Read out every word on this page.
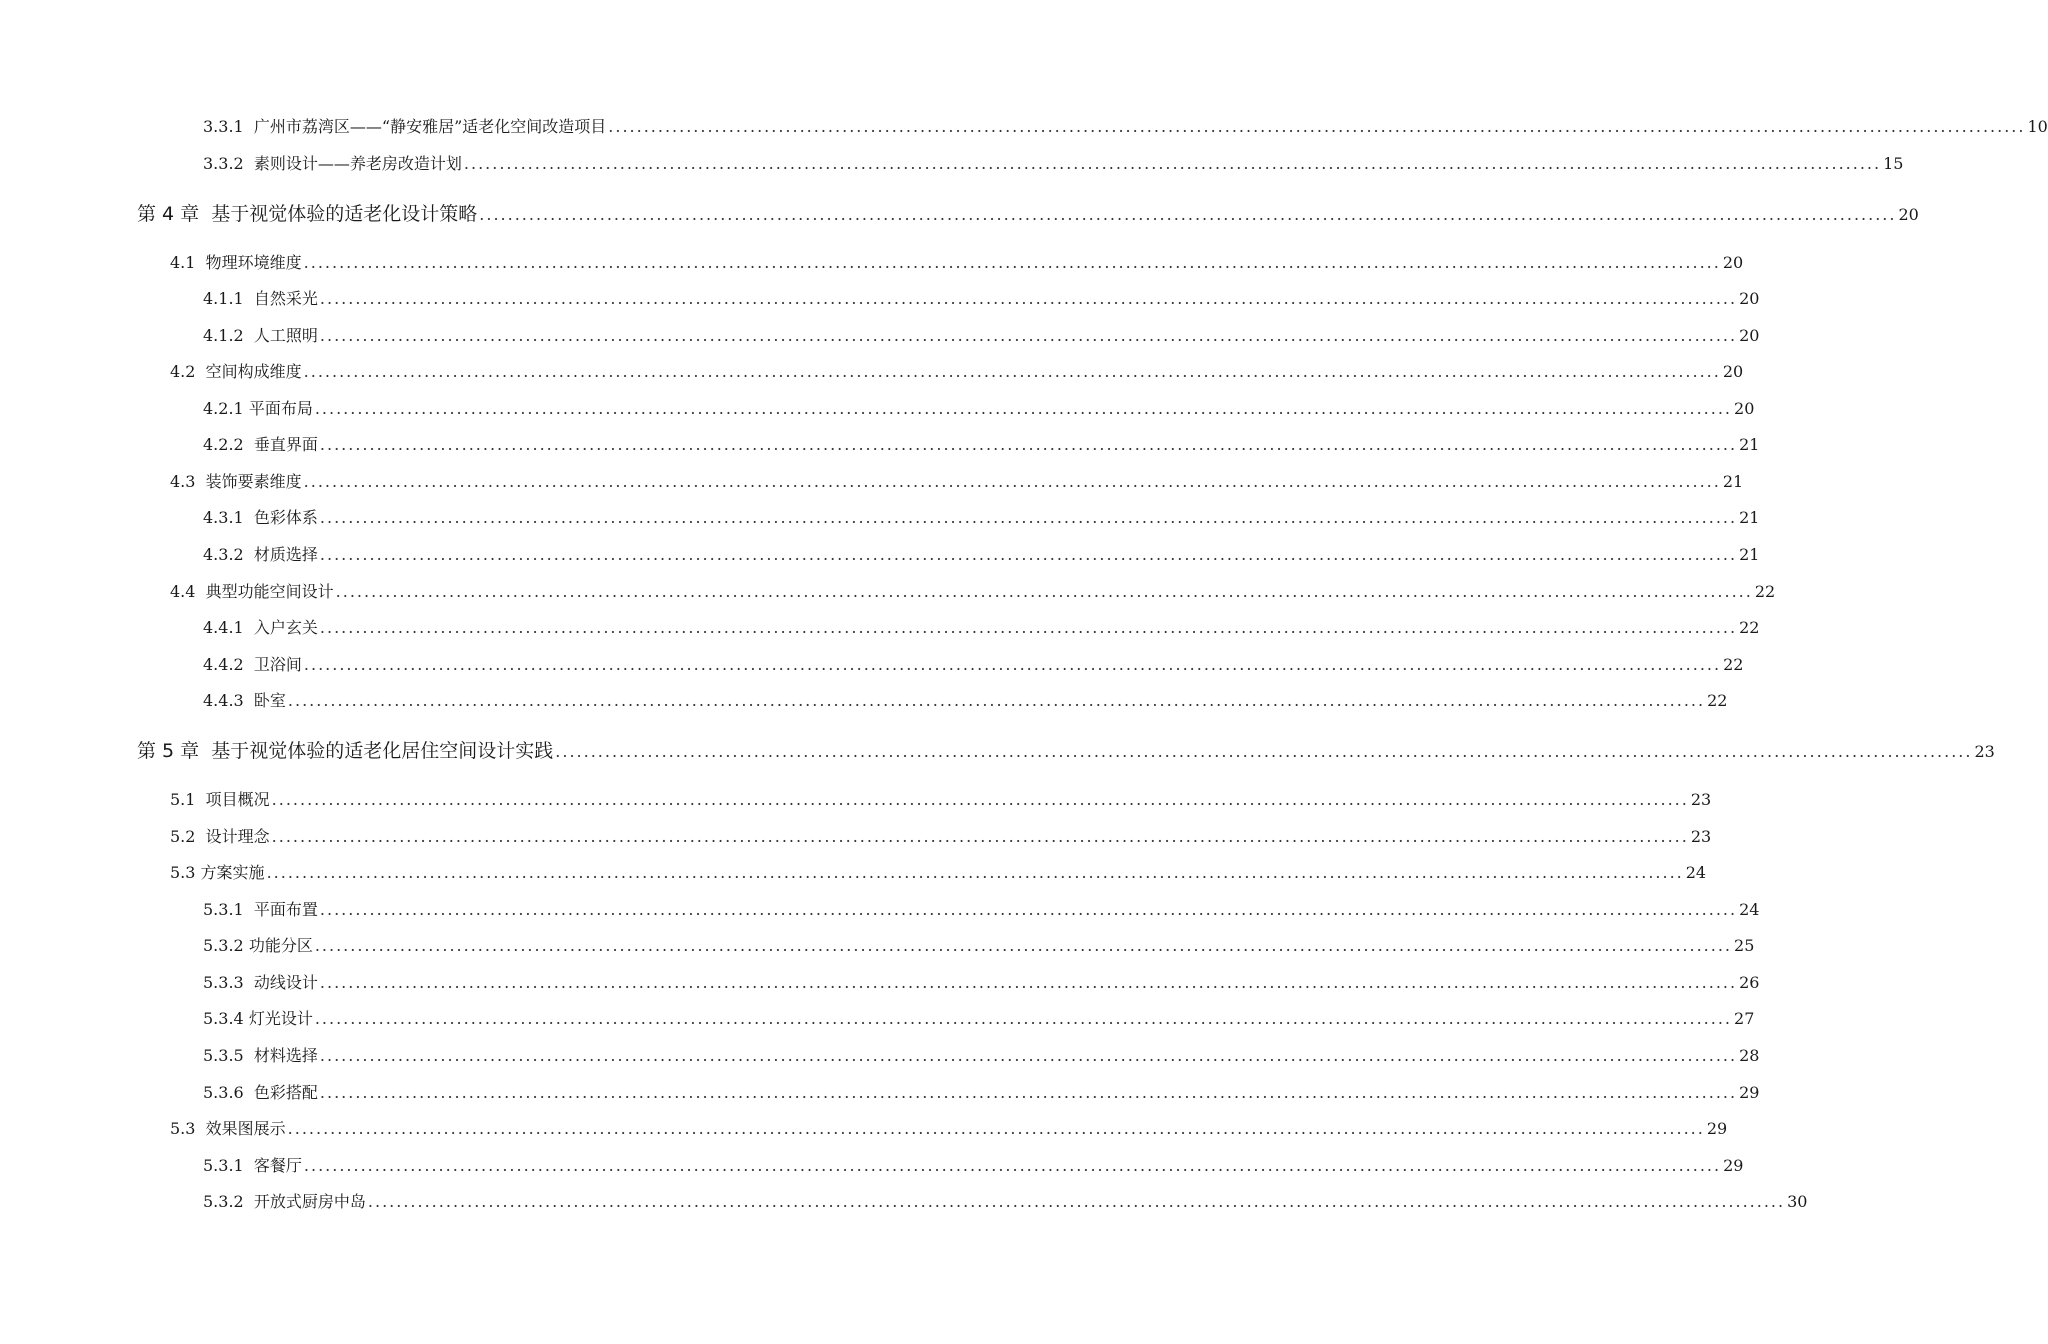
3.3.1
广州市荔湾区——“静安雅居”适老化空间改造项目 ........................................................................................................................................................................................................ 10
3.3.2
素则设计——养老房改造计划 ........................................................................................................................................................................................................ 15
第 4 章
基于视觉体验的适老化设计策略 ........................................................................................................................................................................................................ 20
4.1
物理环境维度 ........................................................................................................................................................................................................ 20
4.1.1
自然采光 ........................................................................................................................................................................................................ 20
4.1.2
人工照明 ........................................................................................................................................................................................................ 20
4.2
空间构成维度 ........................................................................................................................................................................................................ 20
4.2.1
平面布局 ........................................................................................................................................................................................................ 20
4.2.2
垂直界面 ........................................................................................................................................................................................................ 21
4.3
装饰要素维度 ........................................................................................................................................................................................................ 21
4.3.1
色彩体系 ........................................................................................................................................................................................................ 21
4.3.2
材质选择 ........................................................................................................................................................................................................ 21
4.4
典型功能空间设计 ........................................................................................................................................................................................................ 22
4.4.1
入户玄关 ........................................................................................................................................................................................................ 22
4.4.2
卫浴间 ........................................................................................................................................................................................................ 22
4.4.3
卧室 ........................................................................................................................................................................................................ 22
第 5 章
基于视觉体验的适老化居住空间设计实践 ........................................................................................................................................................................................................ 23
5.1
项目概况 ........................................................................................................................................................................................................ 23
5.2
设计理念 ........................................................................................................................................................................................................ 23
5.3
方案实施 ........................................................................................................................................................................................................ 24
5.3.1
平面布置 ........................................................................................................................................................................................................ 24
5.3.2
功能分区 ........................................................................................................................................................................................................ 25
5.3.3
动线设计 ........................................................................................................................................................................................................ 26
5.3.4
灯光设计 ........................................................................................................................................................................................................ 27
5.3.5
材料选择 ........................................................................................................................................................................................................ 28
5.3.6
色彩搭配 ........................................................................................................................................................................................................ 29
5.3
效果图展示 ........................................................................................................................................................................................................ 29
5.3.1
客餐厅 ........................................................................................................................................................................................................ 29
5.3.2
开放式厨房中岛 ........................................................................................................................................................................................................ 30
